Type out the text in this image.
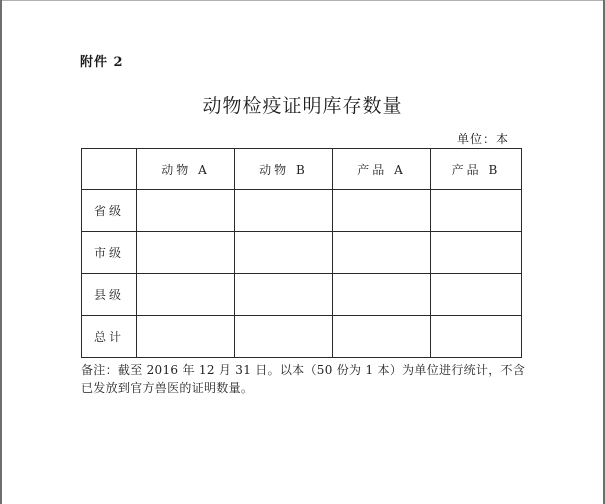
附件 2
动物检疫证明库存数量
单位：本
	动物 A	动物 B	产品 A	产品 B
省级				
市级				
县级				
总计				
备注：截至 2016 年 12 月 31 日。以本（50 份为 1 本）为单位进行统计，不含
已发放到官方兽医的证明数量。
